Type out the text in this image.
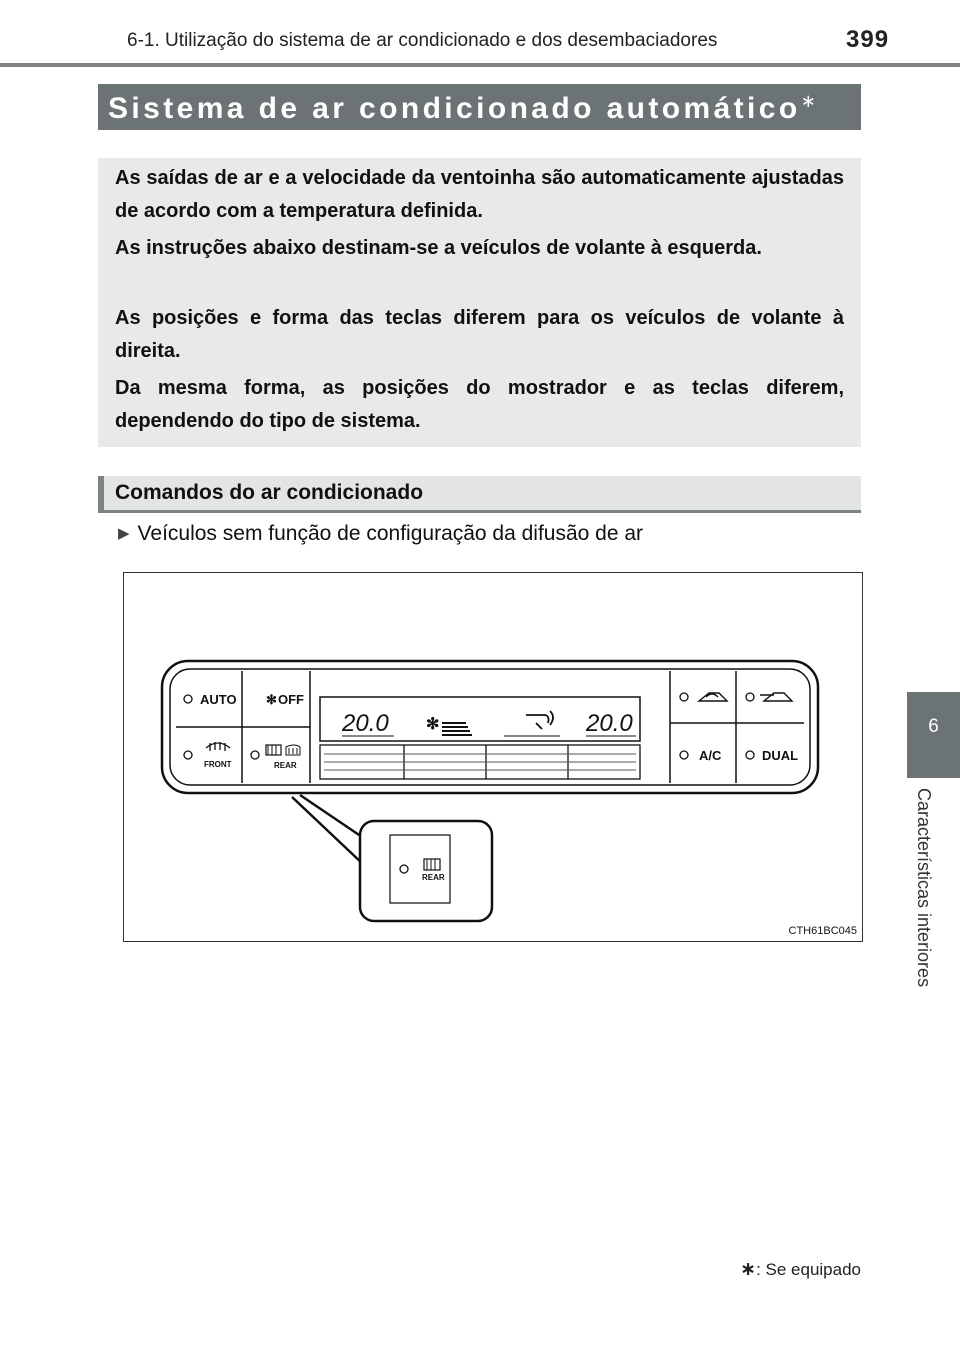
6-1. Utilização do sistema de ar condicionado e dos desembaciadores	399
Sistema de ar condicionado automático∗
As saídas de ar e a velocidade da ventoinha são automaticamente ajustadas de acordo com a temperatura definida.
As instruções abaixo destinam-se a veículos de volante à esquerda.
As posições e forma das teclas diferem para os veículos de volante à direita.
Da mesma forma, as posições do mostrador e as teclas diferem, dependendo do tipo de sistema.
Comandos do ar condicionado
▶ Veículos sem função de configuração da difusão de ar
AUTO ✻ OFF
FRONT	REAR
20.0	20.0
✻
A/C	DUAL
REAR
CTH61BC045
6
Características interiores
∗: Se equipado
